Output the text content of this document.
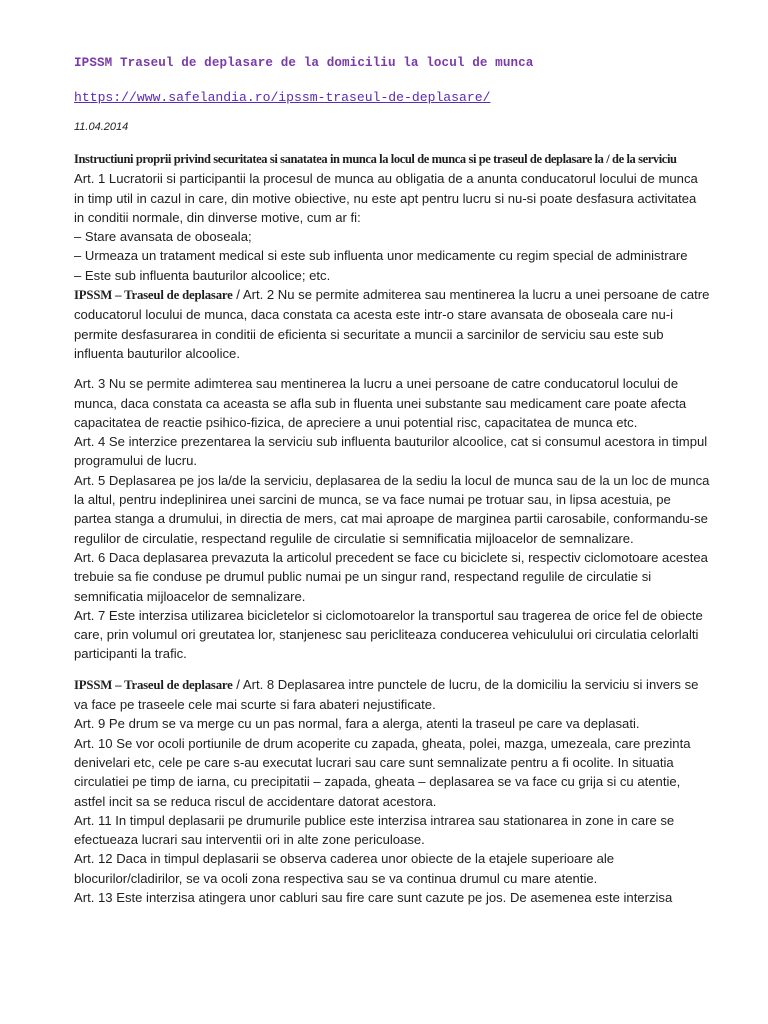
IPSSM Traseul de deplasare de la domiciliu la locul de munca
https://www.safelandia.ro/ipssm-traseul-de-deplasare/
11.04.2014

Instructiuni proprii privind securitatea si sanatatea in munca la locul de munca si pe traseul de deplasare la / de la serviciu

Art. 1 Lucratorii si participantii la procesul de munca au obligatia de a anunta conducatorul locului de munca in timp util in cazul in care, din motive obiective, nu este apt pentru lucru si nu-si poate desfasura activitatea in conditii normale, din dinverse motive, cum ar fi:

– Stare avansata de oboseala;

– Urmeaza un tratament medical si este sub influenta unor medicamente cu regim special de administrare

– Este sub influenta bauturilor alcoolice; etc.

IPSSM – Traseul de deplasare / Art. 2 Nu se permite admiterea sau mentinerea la lucru a unei persoane de catre coducatorul locului de munca, daca constata ca acesta este intr-o stare avansata de oboseala care nu-i permite desfasurarea in conditii de eficienta si securitate a muncii a sarcinilor de serviciu sau este sub influenta bauturilor alcoolice.

Art. 3 Nu se permite adimterea sau mentinerea la lucru a unei persoane de catre conducatorul locului de munca, daca constata ca aceasta se afla sub in fluenta unei substante sau medicament care poate afecta capacitatea de reactie psihico-fizica, de apreciere a unui potential risc, capacitatea de munca etc.

Art. 4 Se interzice prezentarea la serviciu sub influenta bauturilor alcoolice, cat si consumul acestora in timpul programului de lucru.

Art. 5 Deplasarea pe jos la/de la serviciu, deplasarea de la sediu la locul de munca sau de la un loc de munca la altul, pentru indeplinirea unei sarcini de munca, se va face numai pe trotuar sau, in lipsa acestuia, pe partea stanga a drumului, in directia de mers, cat mai aproape de marginea partii carosabile, conformandu-se regulilor de circulatie, respectand regulile de circulatie si semnificatia mijloacelor de semnalizare.

Art. 6 Daca deplasarea prevazuta la articolul precedent se face cu biciclete si, respectiv ciclomotoare acestea trebuie sa fie conduse pe drumul public numai pe un singur rand, respectand regulile de circulatie si semnificatia mijloacelor de semnalizare.

Art. 7 Este interzisa utilizarea bicicletelor si ciclomotoarelor la transportul sau tragerea de orice fel de obiecte care, prin volumul ori greutatea lor, stanjenesc sau pericliteaza conducerea vehiculului ori circulatia celorlalti participanti la trafic.

IPSSM – Traseul de deplasare / Art. 8 Deplasarea intre punctele de lucru, de la domiciliu la serviciu si invers se va face pe traseele cele mai scurte si fara abateri nejustificate.

Art. 9 Pe drum se va merge cu un pas normal, fara a alerga, atenti la traseul pe care va deplasati.

Art. 10 Se vor ocoli portiunile de drum acoperite cu zapada, gheata, polei, mazga, umezeala, care prezinta denivelari etc, cele pe care s-au executat lucrari sau care sunt semnalizate pentru a fi ocolite. In situatia circulatiei pe timp de iarna, cu precipitatii – zapada, gheata – deplasarea se va face cu grija si cu atentie, astfel incit sa se reduca riscul de accidentare datorat acestora.

Art. 11 In timpul deplasarii pe drumurile publice este interzisa intrarea sau stationarea in zone in care se efectueaza lucrari sau interventii ori in alte zone periculoase.

Art. 12 Daca in timpul deplasarii se observa caderea unor obiecte de la etajele superioare ale blocurilor/cladirilor, se va ocoli zona respectiva sau se va continua drumul cu mare atentie.

Art. 13 Este interzisa atingera unor cabluri sau fire care sunt cazute pe jos. De asemenea este interzisa
